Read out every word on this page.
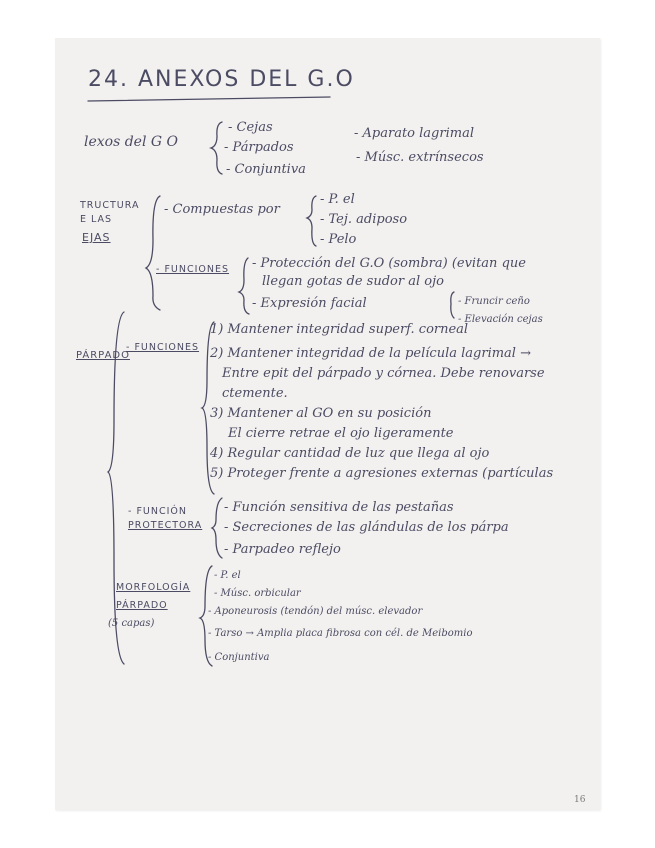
24. ANEXOS DEL G.O
lexos del G O
- Cejas
- Párpados
- Conjuntiva
- Aparato lagrimal
- Músc. extrínsecos
TRUCTURA
E LAS
EJAS
- Compuestas por
- P. el
- Tej. adiposo
- Pelo
- FUNCIONES - Protección del G.O (sombra) (evitan que
llegan gotas de sudor al ojo
- Expresión facial	- Fruncir ceño
- Elevación cejas
PÁRPADO
- FUNCIONES
1) Mantener integridad superf. corneal
2) Mantener integridad de la película lagrimal →
Entre epit del párpado y córnea. Debe renovarse
ctemente.
3) Mantener al GO en su posición
El cierre retrae el ojo ligeramente
4) Regular cantidad de luz que llega al ojo
5) Proteger frente a agresiones externas (partículas
- FUNCIÓN
PROTECTORA
- Función sensitiva de las pestañas
- Secreciones de las glándulas de los párpa
- Parpadeo reflejo
MORFOLOGÍA
PÁRPADO
(5 capas)
- P. el
- Músc. orbicular
- Aponeurosis (tendón) del músc. elevador
- Tarso → Amplia placa fibrosa con cél. de Meibomio
- Conjuntiva
16
